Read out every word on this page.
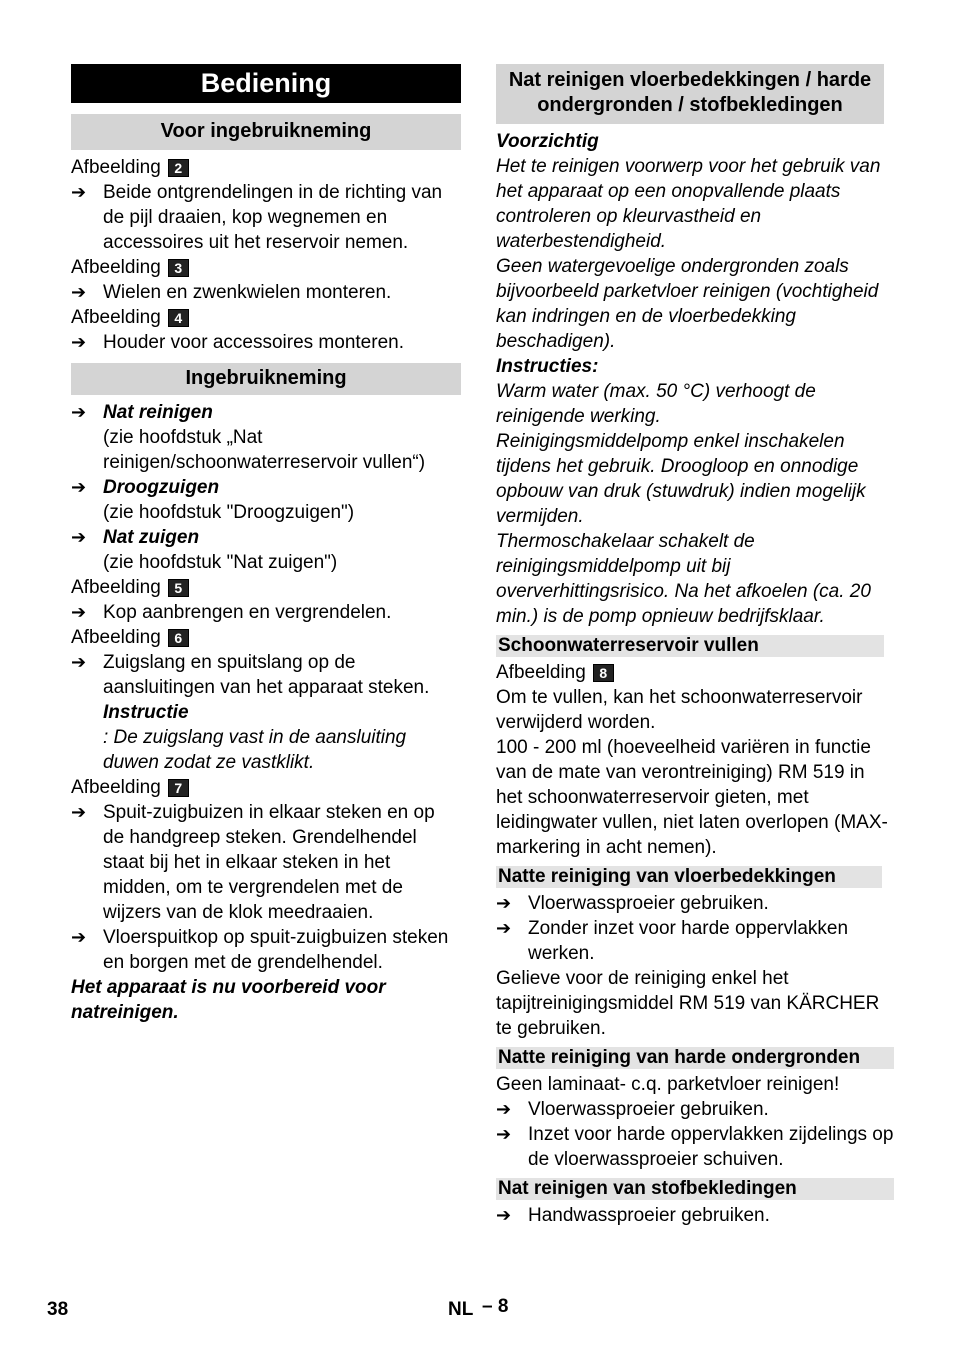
Bediening
Voor ingebruikneming
Afbeelding 2
➔ Beide ontgrendelingen in de richting van de pijl draaien, kop wegnemen en accessoires uit het reservoir nemen.
Afbeelding 3
➔ Wielen en zwenkwielen monteren.
Afbeelding 4
➔ Houder voor accessoires monteren.
Ingebruikneming
➔ Nat reinigen
(zie hoofdstuk „Nat reinigen/schoonwaterreservoir vullen“)
➔ Droogzuigen
(zie hoofdstuk "Droogzuigen")
➔ Nat zuigen
(zie hoofdstuk "Nat zuigen")
Afbeelding 5
➔ Kop aanbrengen en vergrendelen.
Afbeelding 6
➔ Zuigslang en spuitslang op de aansluitingen van het apparaat steken.
Instructie
: De zuigslang vast in de aansluiting duwen zodat ze vastklikt.
Afbeelding 7
➔ Spuit-zuigbuizen in elkaar steken en op de handgreep steken. Grendelhendel staat bij het in elkaar steken in het midden, om te vergrendelen met de wijzers van de klok meedraaien.
➔ Vloerspuitkop op spuit-zuigbuizen steken en borgen met de grendelhendel.
Het apparaat is nu voorbereid voor natreinigen.
Nat reinigen vloerbedekkingen / harde ondergronden / stofbekledingen
Voorzichtig
Het te reinigen voorwerp voor het gebruik van het apparaat op een onopvallende plaats controleren op kleurvastheid en waterbestendigheid.
Geen watergevoelige ondergronden zoals bijvoorbeeld parketvloer reinigen (vochtigheid kan indringen en de vloerbedekking beschadigen).
Instructies:
Warm water (max. 50 °C) verhoogt de reinigende werking.
Reinigingsmiddelpomp enkel inschakelen tijdens het gebruik. Droogloop en onnodige opbouw van druk (stuwdruk) indien mogelijk vermijden.
Thermoschakelaar schakelt de reinigingsmiddelpomp uit bij oververhittingsrisico. Na het afkoelen (ca. 20 min.) is de pomp opnieuw bedrijfsklaar.
Schoonwaterreservoir vullen
Afbeelding 8
Om te vullen, kan het schoonwaterreservoir verwijderd worden.
100 - 200 ml (hoeveelheid variëren in functie van de mate van verontreiniging) RM 519 in het schoonwaterreservoir gieten, met leidingwater vullen, niet laten overlopen (MAX-markering in acht nemen).
Natte reiniging van vloerbedekkingen
➔ Vloerwassproeier gebruiken.
➔ Zonder inzet voor harde oppervlakken werken.
Gelieve voor de reiniging enkel het tapijtreinigingsmiddel RM 519 van KÄRCHER te gebruiken.
Natte reiniging van harde ondergronden
Geen laminaat- c.q. parketvloer reinigen!
➔ Vloerwassproeier gebruiken.
➔ Inzet voor harde oppervlakken zijdelings op de vloerwassproeier schuiven.
Nat reinigen van stofbekledingen
➔ Handwassproeier gebruiken.
38	NL – 8
